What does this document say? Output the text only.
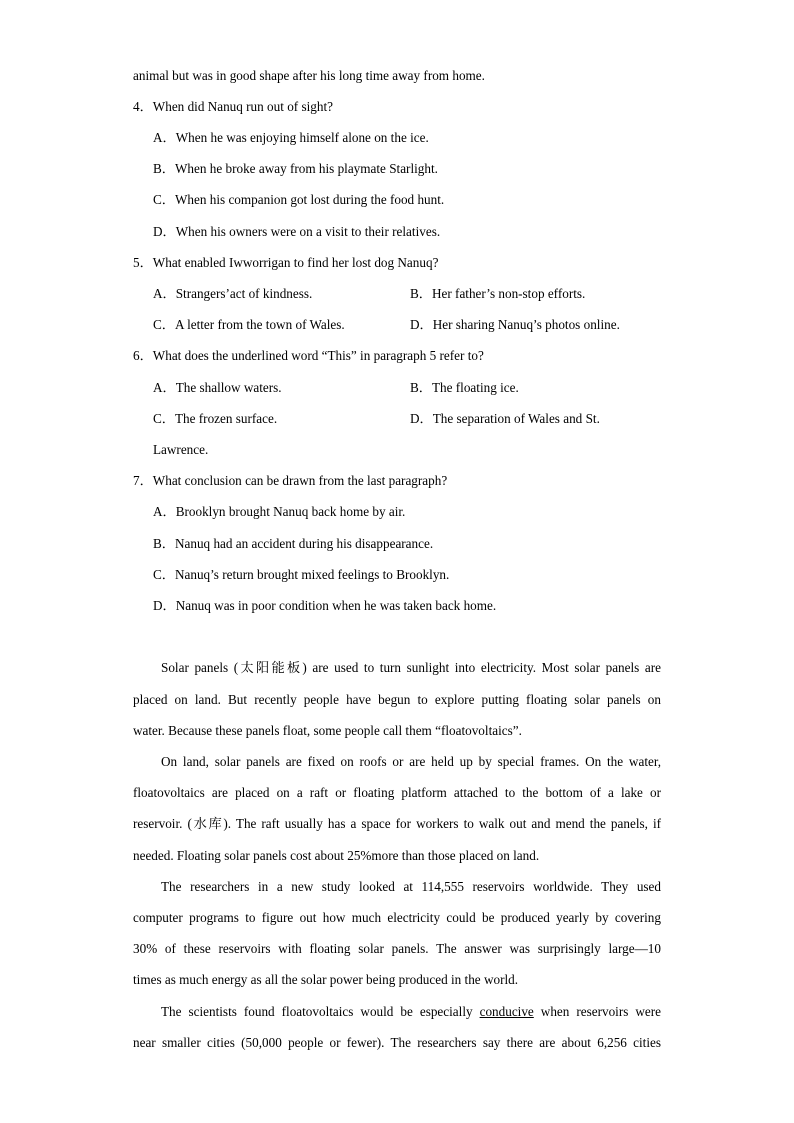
animal but was in good shape after his long time away from home.
4．When did Nanuq run out of sight?
A．When he was enjoying himself alone on the ice.
B．When he broke away from his playmate Starlight.
C．When his companion got lost during the food hunt.
D．When his owners were on a visit to their relatives.
5．What enabled Iwworrigan to find her lost dog Nanuq?
A．Strangers’act of kindness.	B．Her father’s non-stop efforts.
C．A letter from the town of Wales.	D．Her sharing Nanuq’s photos online.
6．What does the underlined word “This” in paragraph 5 refer to?
A．The shallow waters.	B．The floating ice.
C．The frozen surface.	D．The separation of Wales and St.
Lawrence.
7．What conclusion can be drawn from the last paragraph?
A．Brooklyn brought Nanuq back home by air.
B．Nanuq had an accident during his disappearance.
C．Nanuq’s return brought mixed feelings to Brooklyn.
D．Nanuq was in poor condition when he was taken back home.
Solar panels (太阳能板) are used to turn sunlight into electricity. Most solar panels are
placed on land. But recently people have begun to explore putting floating solar panels on
water. Because these panels float, some people call them “floatovoltaics”.
On land, solar panels are fixed on roofs or are held up by special frames. On the water,
floatovoltaics are placed on a raft or floating platform attached to the bottom of a lake or
reservoir. (水库). The raft usually has a space for workers to walk out and mend the panels, if
needed. Floating solar panels cost about 25%more than those placed on land.
The researchers in a new study looked at 114,555 reservoirs worldwide. They used
computer programs to figure out how much electricity could be produced yearly by covering
30% of these reservoirs with floating solar panels. The answer was surprisingly large—10
times as much energy as all the solar power being produced in the world.
The scientists found floatovoltaics would be especially conducive when reservoirs were
near smaller cities (50,000 people or fewer). The researchers say there are about 6,256 cities
